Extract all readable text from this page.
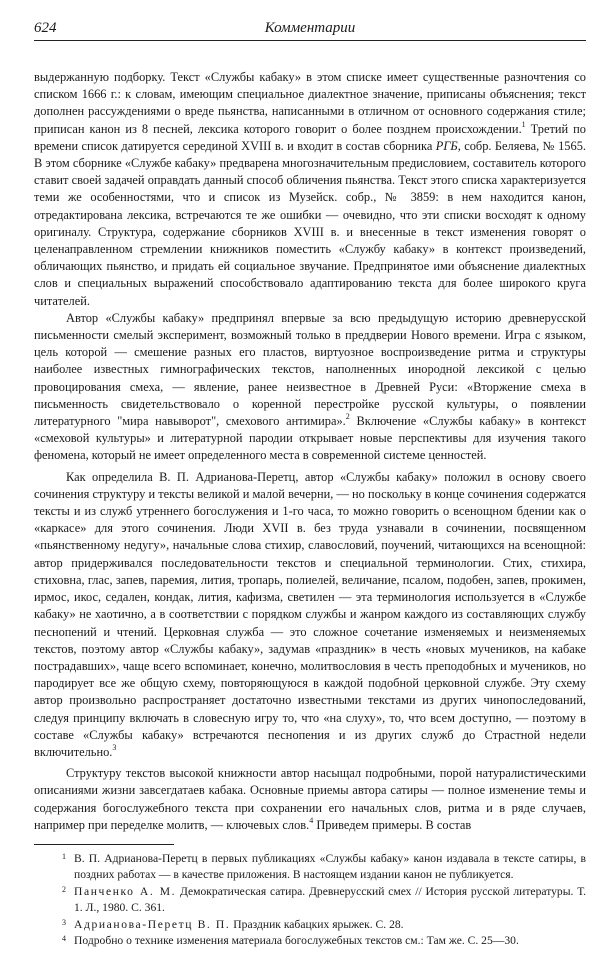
624	Комментарии

выдержанную подборку. Текст «Службы кабаку» в этом списке имеет существенные разночтения со списком 1666 г.: к словам, имеющим специальное диалектное значение, приписаны объяснения; текст дополнен рассуждениями о вреде пьянства, написанными в отличном от основного содержания стиле; приписан канон из 8 песней, лексика которого говорит о более позднем происхождении.$^1$ Третий по времени список датируется серединой XVIII в. и входит в состав сборника РГБ, собр. Беляева, № 1565. В этом сборнике «Службе кабаку» предварена многозначительным предисловием, составитель которого ставит своей задачей оправдать данный способ обличения пьянства. Текст этого списка характеризуется теми же особенностями, что и список из Музейск. собр., № 3859: в нем находится канон, отредактирована лексика, встречаются те же ошибки — очевидно, что эти списки восходят к одному оригиналу. Структура, содержание сборников XVIII в. и внесенные в текст изменения говорят о целенаправленном стремлении книжников поместить «Службу кабаку» в контекст произведений, обличающих пьянство, и придать ей социальное звучание. Предпринятое ими объяснение диалектных слов и специальных выражений способствовало адаптированию текста для более широкого круга читателей.

Автор «Службы кабаку» предпринял впервые за всю предыдущую историю древнерусской письменности смелый эксперимент, возможный только в преддверии Нового времени. Игра с языком, цель которой — смешение разных его пластов, виртуозное воспроизведение ритма и структуры наиболее известных гимнографических текстов, наполненных инородной лексикой с целью провоцирования смеха, — явление, ранее неизвестное в Древней Руси: «Вторжение смеха в письменность свидетельствовало о коренной перестройке русской культуры, о появлении литературного "мира навыворот", смехового антимира».$^2$ Включение «Службы кабаку» в контекст «смеховой культуры» и литературной пародии открывает новые перспективы для изучения такого феномена, который не имеет определенного места в современной системе ценностей.

Как определила В. П. Адрианова-Перетц, автор «Службы кабаку» положил в основу своего сочинения структуру и тексты великой и малой вечерни, — но поскольку в конце сочинения содержатся тексты и из служб утреннего богослужения и 1-го часа, то можно говорить о всенощном бдении как о «каркасе» для этого сочинения. Люди XVII в. без труда узнавали в сочинении, посвященном «пьянственному недугу», начальные слова стихир, славословий, поучений, читающихся на всенощной: автор придерживался последовательности текстов и специальной терминологии. Стих, стихира, стиховна, глас, запев, паремия, лития, тропарь, полиелей, величание, псалом, подобен, запев, прокимен, ирмос, икос, седален, кондак, лития, кафизма, светилен — эта терминология используется в «Службе кабаку» не хаотично, а в соответствии с порядком службы и жанром каждого из составляющих службу песнопений и чтений. Церковная служба — это сложное сочетание изменяемых и неизменяемых текстов, поэтому автор «Службы кабаку», задумав «праздник» в честь «новых мучеников, на кабаке пострадавших», чаще всего вспоминает, конечно, молитвословия в честь преподобных и мучеников, но пародирует все же общую схему, повторяющуюся в каждой подобной церковной службе. Эту схему автор произвольно распространяет достаточно известными текстами из других чинопоследований, следуя принципу включать в словесную игру то, что «на слуху», то, что всем доступно, — поэтому в составе «Службы кабаку» встречаются песнопения и из других служб до Страстной недели включительно.$^3$

Структуру текстов высокой книжности автор насыщал подробными, порой натуралистическими описаниями жизни завсегдатаев кабака. Основные приемы автора сатиры — полное изменение темы и содержания богослужебного текста при сохранении его начальных слов, ритма и в ряде случаев, например при переделке молитв, — ключевых слов.$^4$ Приведем примеры. В состав

1 В. П. Адрианова-Перетц в первых публикациях «Службы кабаку» канон издавала в тексте сатиры, в поздних работах — в качестве приложения. В настоящем издании канон не публикуется.
2 Панченко А. М. Демократическая сатира. Древнерусский смех // История русской литературы. Т. 1. Л., 1980. С. 361.
3 Адрианова-Перетц В. П. Праздник кабацких ярыжек. С. 28.
4 Подробно о технике изменения материала богослужебных текстов см.: Там же. С. 25—30.
